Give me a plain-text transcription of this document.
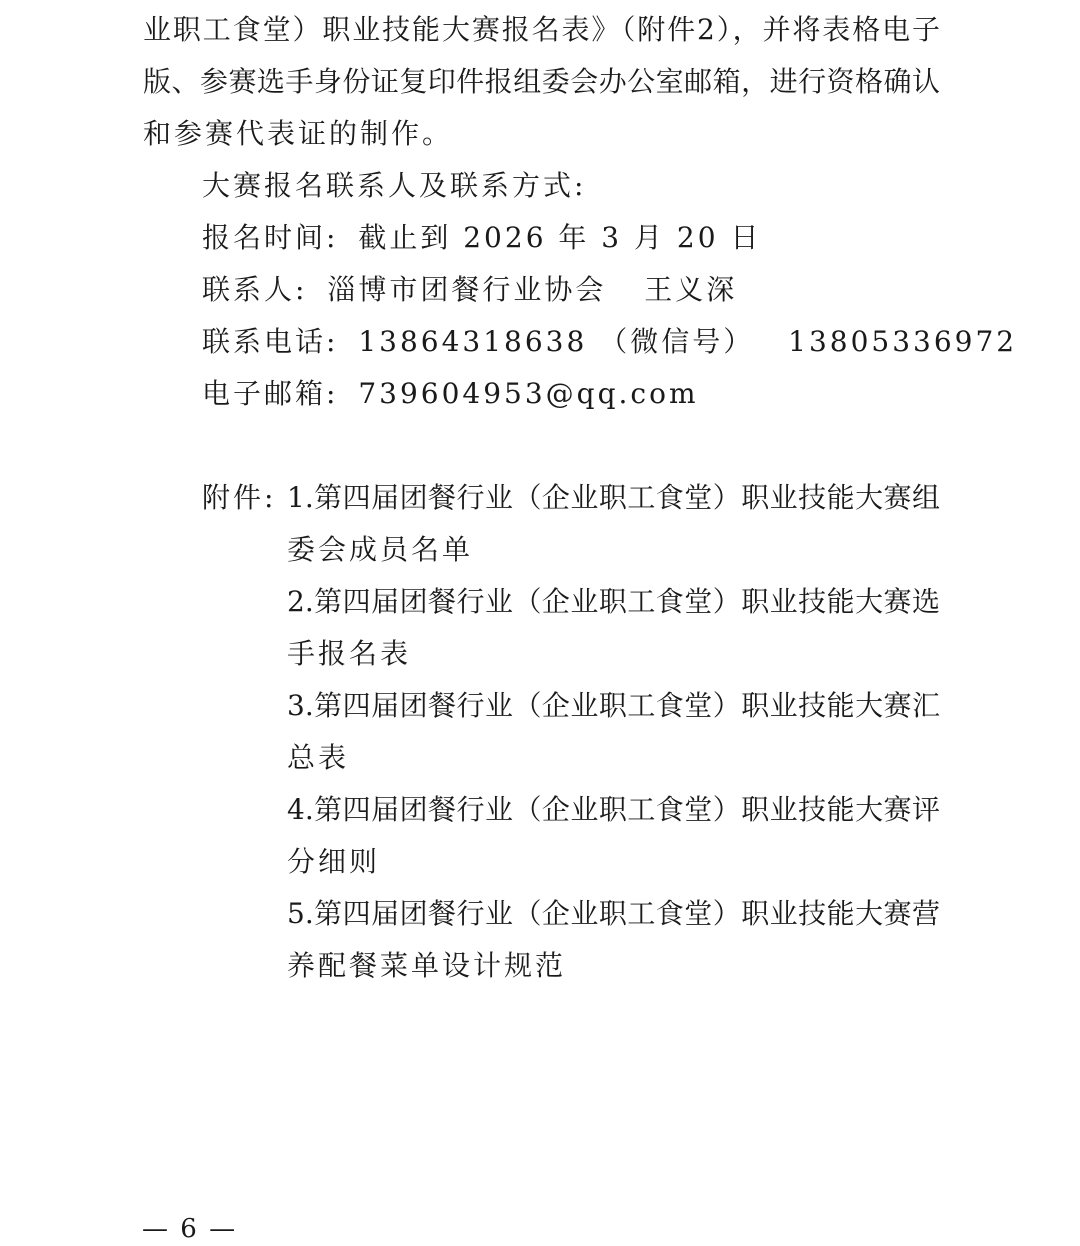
业职工食堂）职业技能大赛报名表》（附件2），并将表格电子
版、参赛选手身份证复印件报组委会办公室邮箱，进行资格确认
和参赛代表证的制作。
大赛报名联系人及联系方式:
报名时间: 截止到 2026 年 3 月 20 日
联系人: 淄博市团餐行业协会 王义深
联系电话: 13864318638 （微信号） 13805336972
电子邮箱: 739604953@qq.com
附件: 1.第四届团餐行业（企业职工食堂）职业技能大赛组
委会成员名单
2.第四届团餐行业（企业职工食堂）职业技能大赛选
手报名表
3.第四届团餐行业（企业职工食堂）职业技能大赛汇
总表
4.第四届团餐行业（企业职工食堂）职业技能大赛评
分细则
5.第四届团餐行业（企业职工食堂）职业技能大赛营
养配餐菜单设计规范
— 6 —
